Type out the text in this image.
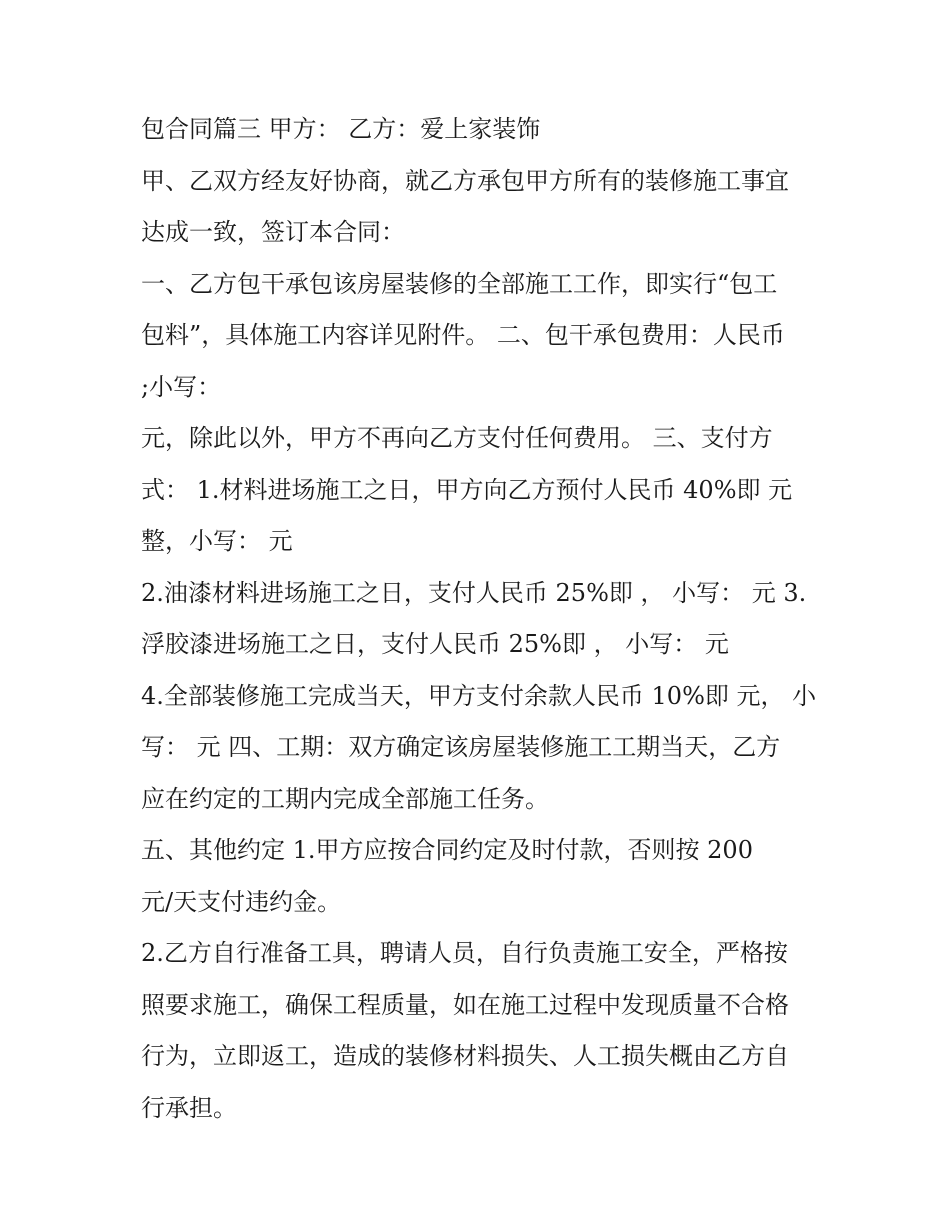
包合同篇三 甲方： 乙方：爱上家装饰
甲、乙双方经友好协商，就乙方承包甲方所有的装修施工事宜
达成一致，签订本合同：
一、乙方包干承包该房屋装修的全部施工工作，即实行“包工
包料”，具体施工内容详见附件。 二、包干承包费用：人民币
;小写：
元，除此以外，甲方不再向乙方支付任何费用。 三、支付方
式： 1.材料进场施工之日，甲方向乙方预付人民币 40%即 元
整，小写： 元
2.油漆材料进场施工之日，支付人民币 25%即 ， 小写： 元 3.
浮胶漆进场施工之日，支付人民币 25%即 ， 小写： 元
4.全部装修施工完成当天，甲方支付余款人民币 10%即 元， 小
写： 元 四、工期：双方确定该房屋装修施工工期当天，乙方
应在约定的工期内完成全部施工任务。
五、其他约定 1.甲方应按合同约定及时付款，否则按 200
元/天支付违约金。
2.乙方自行准备工具，聘请人员，自行负责施工安全，严格按
照要求施工，确保工程质量，如在施工过程中发现质量不合格
行为，立即返工，造成的装修材料损失、人工损失概由乙方自
行承担。
